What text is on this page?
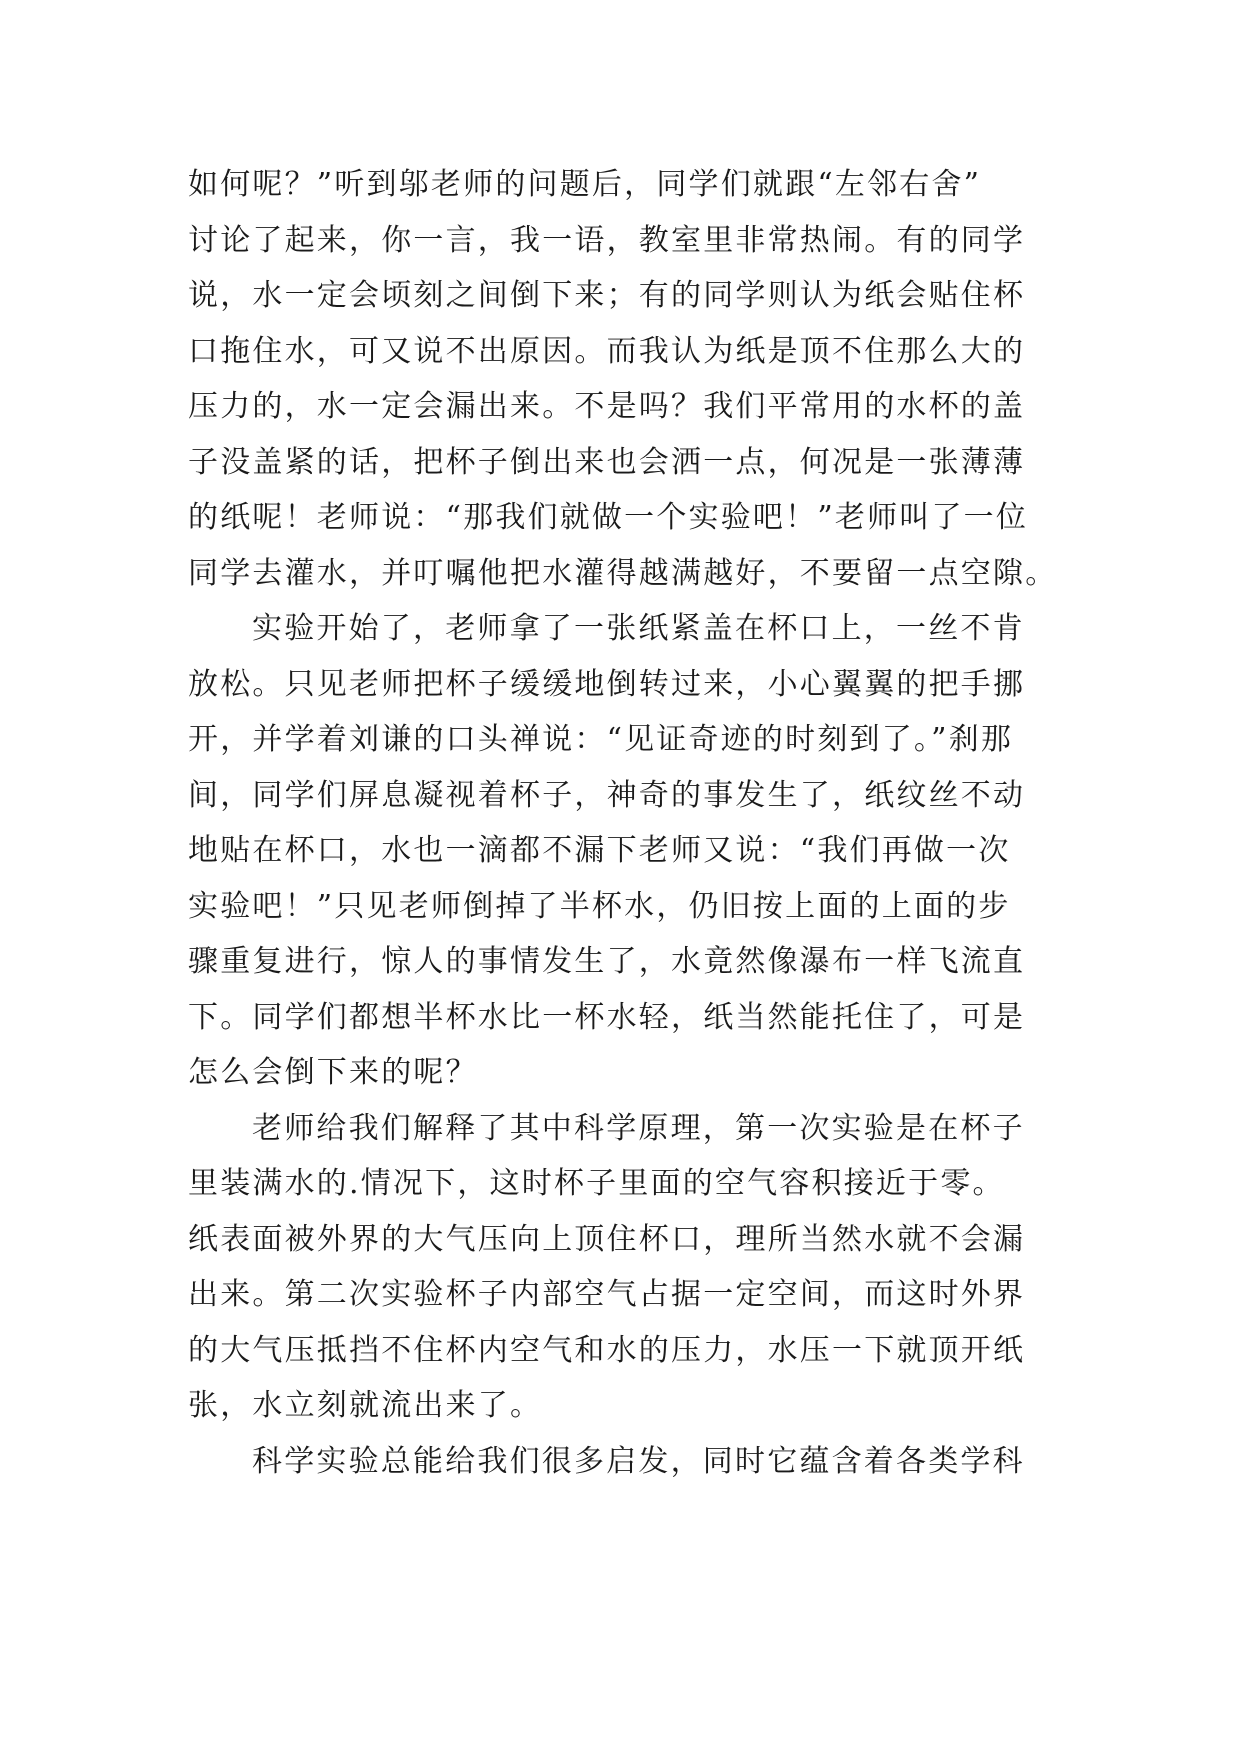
如何呢？”听到邬老师的问题后，同学们就跟“左邻右舍”
讨论了起来，你一言，我一语，教室里非常热闹。有的同学
说，水一定会顷刻之间倒下来；有的同学则认为纸会贴住杯
口拖住水，可又说不出原因。而我认为纸是顶不住那么大的
压力的，水一定会漏出来。不是吗？我们平常用的水杯的盖
子没盖紧的话，把杯子倒出来也会洒一点，何况是一张薄薄
的纸呢！老师说：“那我们就做一个实验吧！”老师叫了一位
同学去灌水，并叮嘱他把水灌得越满越好，不要留一点空隙。
实验开始了，老师拿了一张纸紧盖在杯口上，一丝不肯
放松。只见老师把杯子缓缓地倒转过来，小心翼翼的把手挪
开，并学着刘谦的口头禅说：“见证奇迹的时刻到了。”刹那
间，同学们屏息凝视着杯子，神奇的事发生了，纸纹丝不动
地贴在杯口，水也一滴都不漏下老师又说：“我们再做一次
实验吧！”只见老师倒掉了半杯水，仍旧按上面的上面的步
骤重复进行，惊人的事情发生了，水竟然像瀑布一样飞流直
下。同学们都想半杯水比一杯水轻，纸当然能托住了，可是
怎么会倒下来的呢？
老师给我们解释了其中科学原理，第一次实验是在杯子
里装满水的.情况下，这时杯子里面的空气容积接近于零。
纸表面被外界的大气压向上顶住杯口，理所当然水就不会漏
出来。第二次实验杯子内部空气占据一定空间，而这时外界
的大气压抵挡不住杯内空气和水的压力，水压一下就顶开纸
张，水立刻就流出来了。
科学实验总能给我们很多启发，同时它蕴含着各类学科
